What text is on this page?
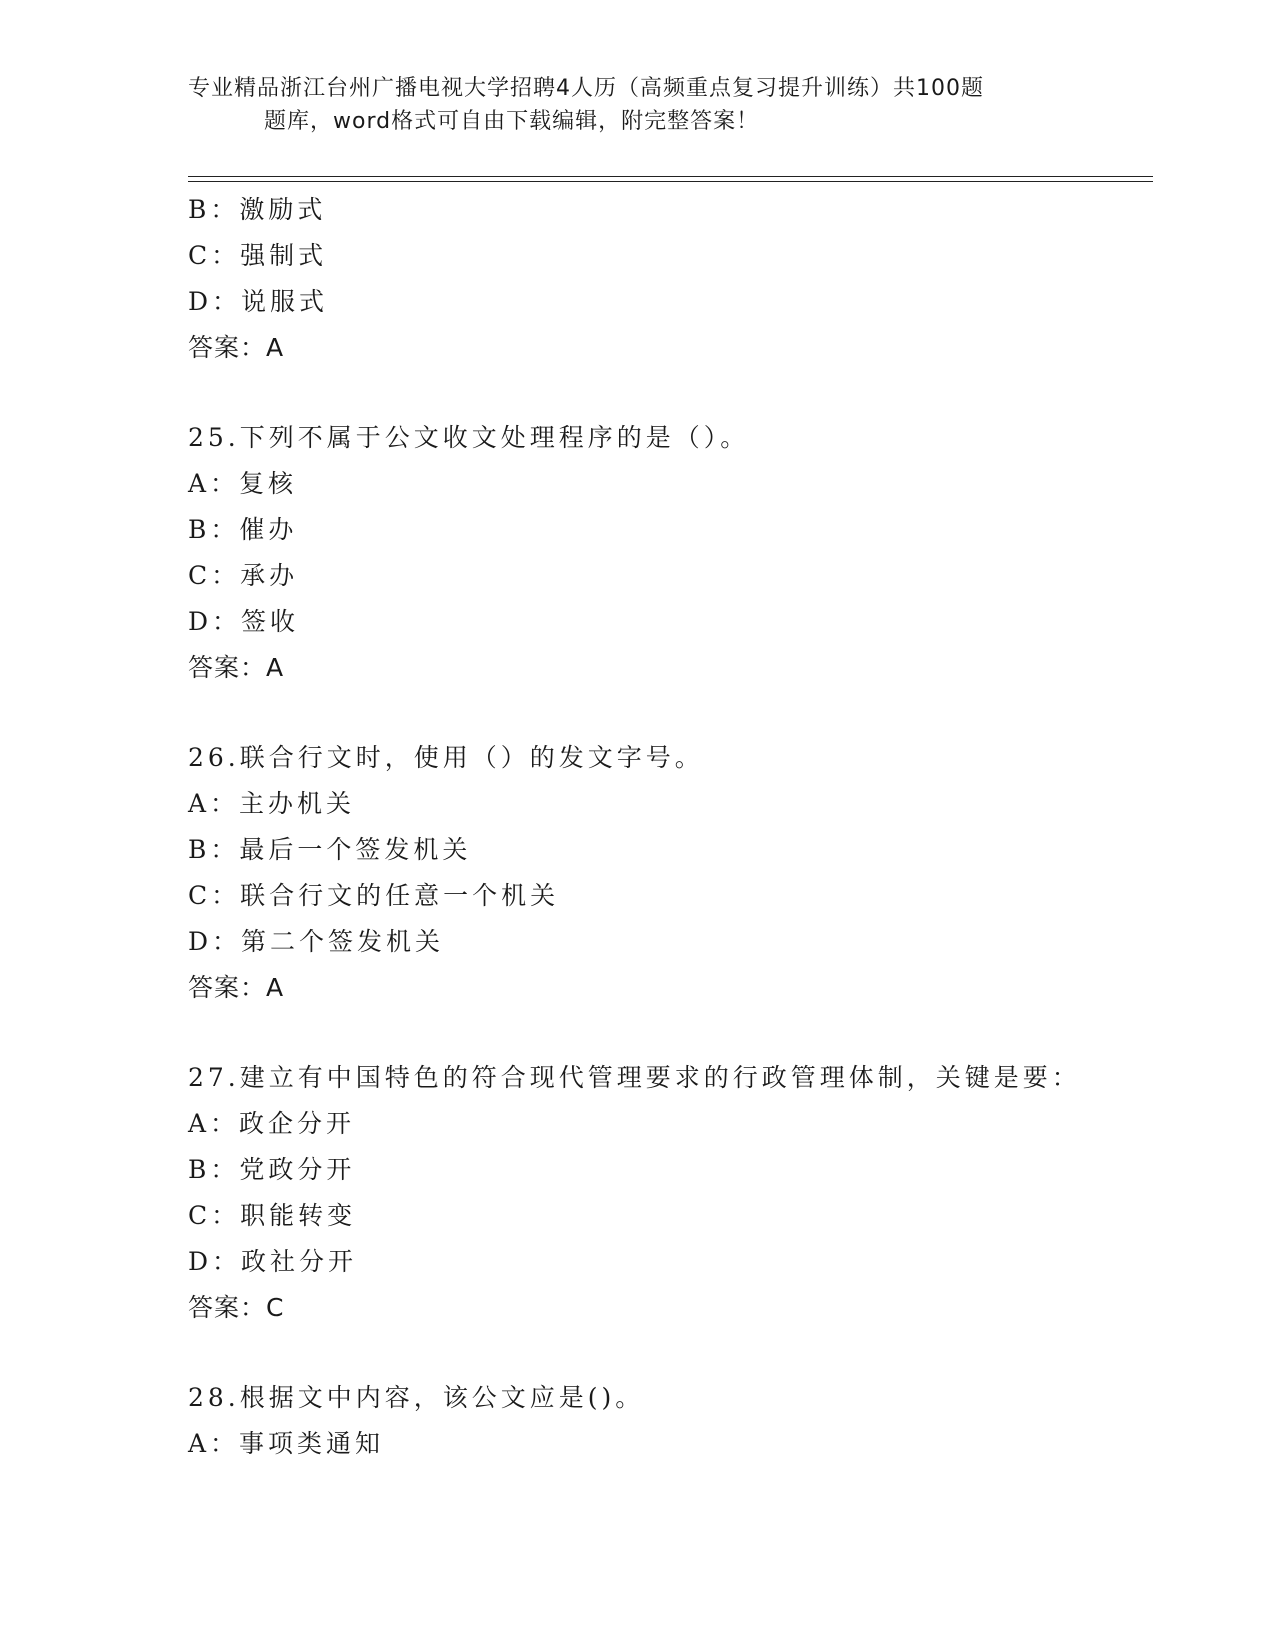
专业精品浙江台州广播电视大学招聘4人历（高频重点复习提升训练）共100题
题库，word格式可自由下载编辑，附完整答案！
B：激励式
C：强制式
D：说服式
答案：A
25.下列不属于公文收文处理程序的是（）。
A：复核
B：催办
C：承办
D：签收
答案：A
26.联合行文时，使用（）的发文字号。
A：主办机关
B：最后一个签发机关
C：联合行文的任意一个机关
D：第二个签发机关
答案：A
27.建立有中国特色的符合现代管理要求的行政管理体制，关键是要：
A：政企分开
B：党政分开
C：职能转变
D：政社分开
答案：C
28.根据文中内容，该公文应是()。
A：事项类通知
